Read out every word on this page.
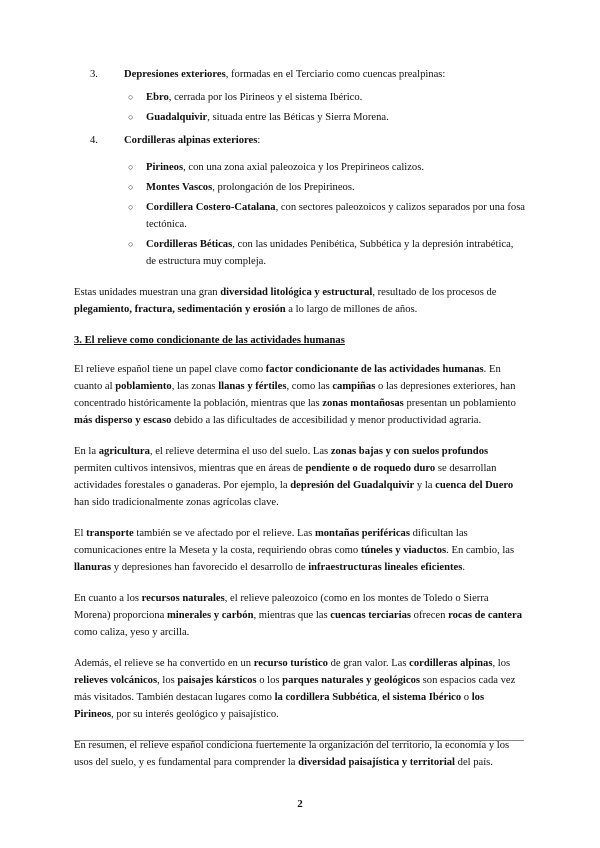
3. Depresiones exteriores, formadas en el Terciario como cuencas prealpinas:
○ Ebro, cerrada por los Pirineos y el sistema Ibérico.
○ Guadalquivir, situada entre las Béticas y Sierra Morena.
4. Cordilleras alpinas exteriores:
○ Pirineos, con una zona axial paleozoica y los Prepirineos calizos.
○ Montes Vascos, prolongación de los Prepirineos.
○ Cordillera Costero-Catalana, con sectores paleozoicos y calizos separados por una fosa tectónica.
○ Cordilleras Béticas, con las unidades Penibética, Subbética y la depresión intrabética, de estructura muy compleja.

Estas unidades muestran una gran diversidad litológica y estructural, resultado de los procesos de plegamiento, fractura, sedimentación y erosión a lo largo de millones de años.

3. El relieve como condicionante de las actividades humanas

El relieve español tiene un papel clave como factor condicionante de las actividades humanas. En cuanto al poblamiento, las zonas llanas y fértiles, como las campiñas o las depresiones exteriores, han concentrado históricamente la población, mientras que las zonas montañosas presentan un poblamiento más disperso y escaso debido a las dificultades de accesibilidad y menor productividad agraria.

En la agricultura, el relieve determina el uso del suelo. Las zonas bajas y con suelos profundos permiten cultivos intensivos, mientras que en áreas de pendiente o de roquedo duro se desarrollan actividades forestales o ganaderas. Por ejemplo, la depresión del Guadalquivir y la cuenca del Duero han sido tradicionalmente zonas agrícolas clave.

El transporte también se ve afectado por el relieve. Las montañas periféricas dificultan las comunicaciones entre la Meseta y la costa, requiriendo obras como túneles y viaductos. En cambio, las llanuras y depresiones han favorecido el desarrollo de infraestructuras lineales eficientes.

En cuanto a los recursos naturales, el relieve paleozoico (como en los montes de Toledo o Sierra Morena) proporciona minerales y carbón, mientras que las cuencas terciarias ofrecen rocas de cantera como caliza, yeso y arcilla.

Además, el relieve se ha convertido en un recurso turístico de gran valor. Las cordilleras alpinas, los relieves volcánicos, los paisajes kársticos o los parques naturales y geológicos son espacios cada vez más visitados. También destacan lugares como la cordillera Subbética, el sistema Ibérico o los Pirineos, por su interés geológico y paisajístico.

En resumen, el relieve español condiciona fuertemente la organización del territorio, la economía y los usos del suelo, y es fundamental para comprender la diversidad paisajística y territorial del país.

2
